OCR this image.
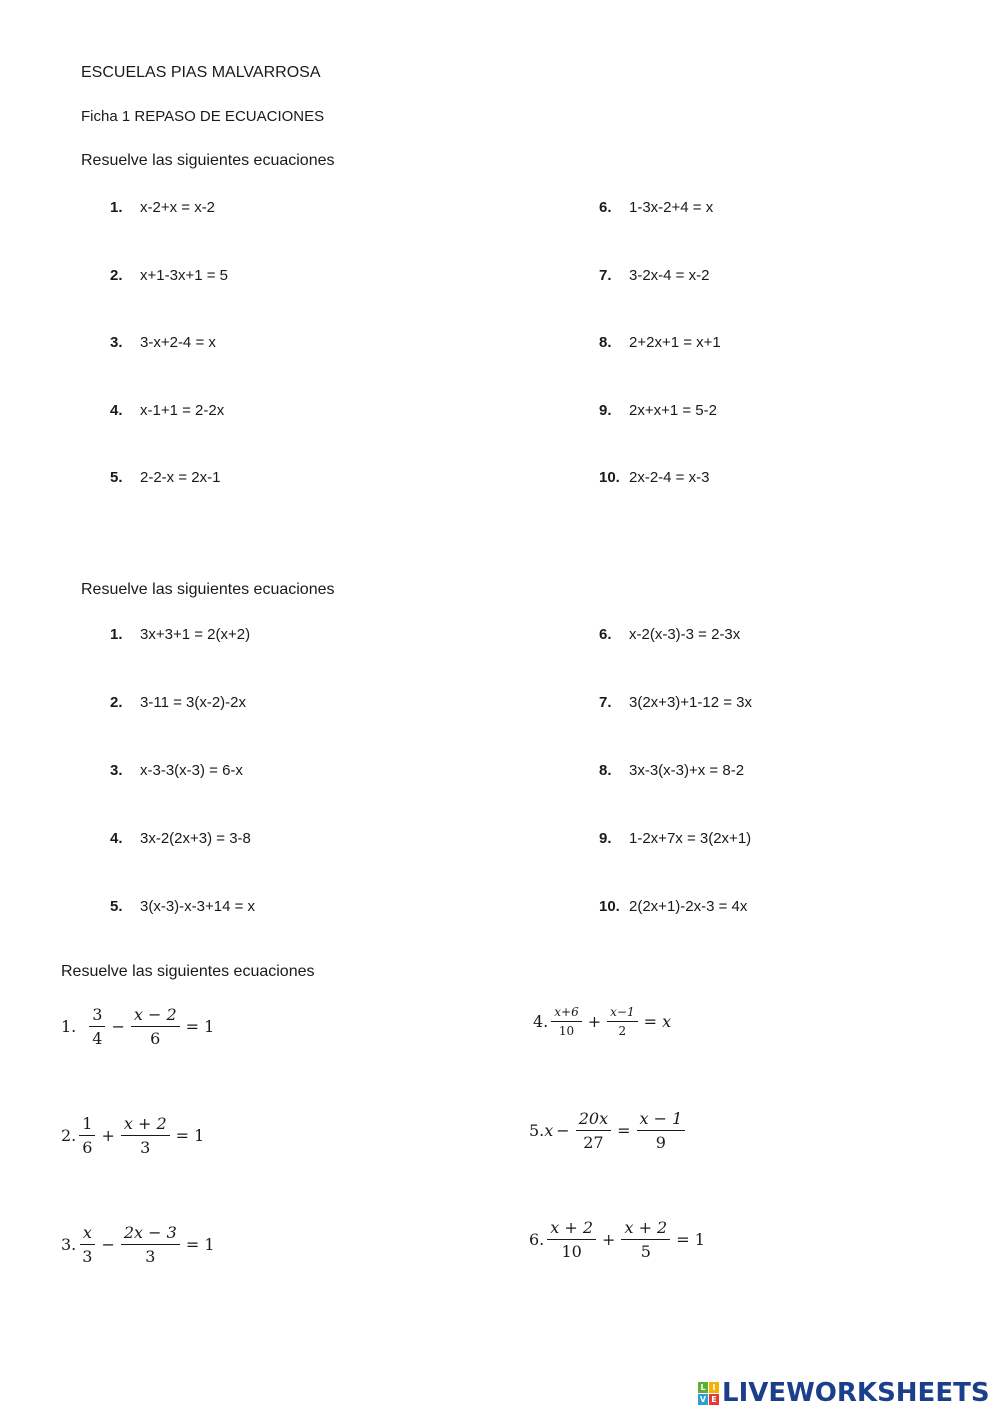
ESCUELAS PIAS MALVARROSA
Ficha 1 REPASO DE ECUACIONES
Resuelve las siguientes ecuaciones
1. x-2+x = x-2
2. x+1-3x+1 = 5
3. 3-x+2-4 = x
4. x-1+1 = 2-2x
5. 2-2-x = 2x-1
6. 1-3x-2+4 = x
7. 3-2x-4 = x-2
8. 2+2x+1 = x+1
9. 2x+x+1 = 5-2
10. 2x-2-4 = x-3
Resuelve las siguientes ecuaciones
1. 3x+3+1 = 2(x+2)
2. 3-11 = 3(x-2)-2x
3. x-3-3(x-3) = 6-x
4. 3x-2(2x+3) = 3-8
5. 3(x-3)-x-3+14 = x
6. x-2(x-3)-3 = 2-3x
7. 3(2x+3)+1-12 = 3x
8. 3x-3(x-3)+x = 8-2
9. 1-2x+7x = 3(2x+1)
10. 2(2x+1)-2x-3 = 4x
Resuelve las siguientes ecuaciones
1. $\frac{3}{4} - \frac{x - 2}{6} = 1$
2. $\frac{1}{6} + \frac{x + 2}{3} = 1$
3. $\frac{x}{3} - \frac{2x - 3}{3} = 1$
4. $\frac{x+6}{10} + \frac{x-1}{2} = x$
5. $x - \frac{20x}{27} = \frac{x - 1}{9}$
6. $\frac{x + 2}{10} + \frac{x + 2}{5} = 1$
L I
V E LIVEWORKSHEETS
